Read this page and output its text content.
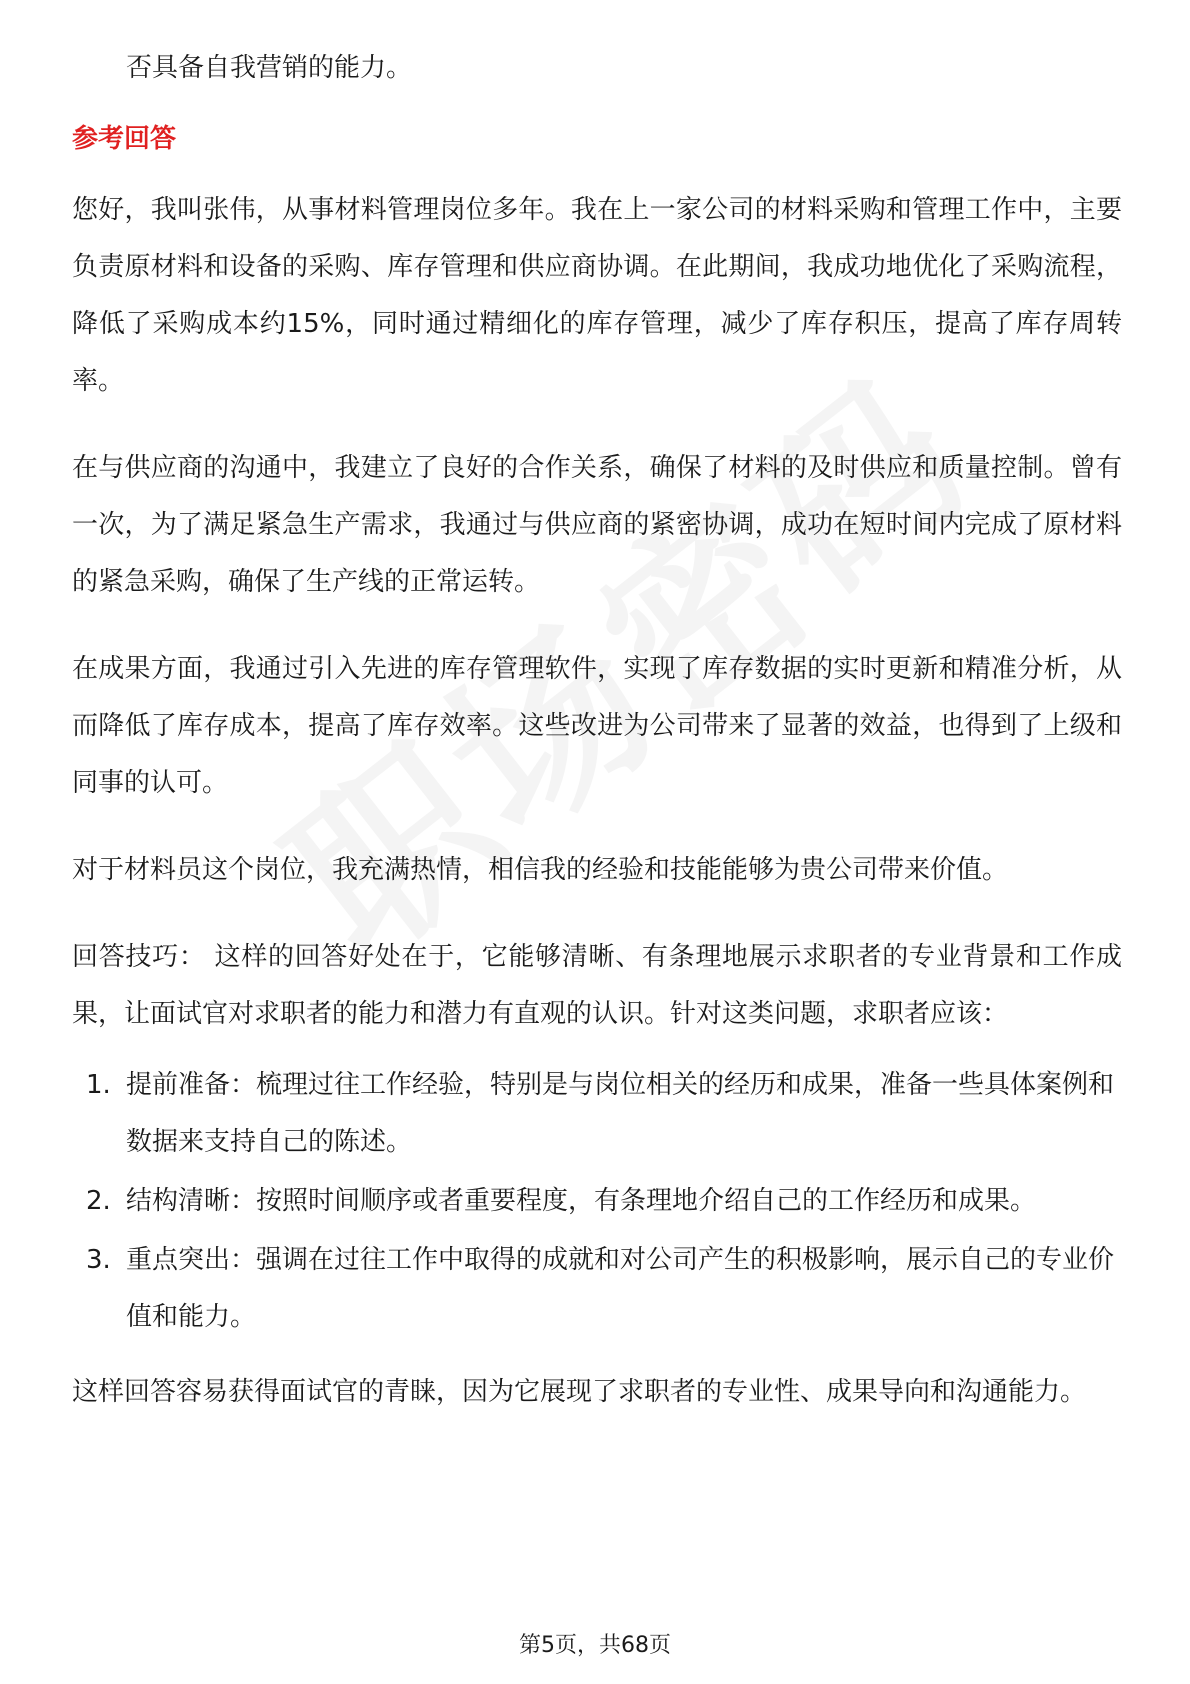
否具备自我营销的能力。

参考回答

您好，我叫张伟，从事材料管理岗位多年。我在上一家公司的材料采购和管理工作中，主要负责原材料和设备的采购、库存管理和供应商协调。在此期间，我成功地优化了采购流程，降低了采购成本约15%，同时通过精细化的库存管理，减少了库存积压，提高了库存周转率。

在与供应商的沟通中，我建立了良好的合作关系，确保了材料的及时供应和质量控制。曾有一次，为了满足紧急生产需求，我通过与供应商的紧密协调，成功在短时间内完成了原材料的紧急采购，确保了生产线的正常运转。

在成果方面，我通过引入先进的库存管理软件，实现了库存数据的实时更新和精准分析，从而降低了库存成本，提高了库存效率。这些改进为公司带来了显著的效益，也得到了上级和同事的认可。

对于材料员这个岗位，我充满热情，相信我的经验和技能能够为贵公司带来价值。

回答技巧： 这样的回答好处在于，它能够清晰、有条理地展示求职者的专业背景和工作成果，让面试官对求职者的能力和潜力有直观的认识。针对这类问题，求职者应该：

1. 提前准备：梳理过往工作经验，特别是与岗位相关的经历和成果，准备一些具体案例和数据来支持自己的陈述。
2. 结构清晰：按照时间顺序或者重要程度，有条理地介绍自己的工作经历和成果。
3. 重点突出：强调在过往工作中取得的成就和对公司产生的积极影响，展示自己的专业价值和能力。

这样回答容易获得面试官的青睐，因为它展现了求职者的专业性、成果导向和沟通能力。

第5页，共68页
